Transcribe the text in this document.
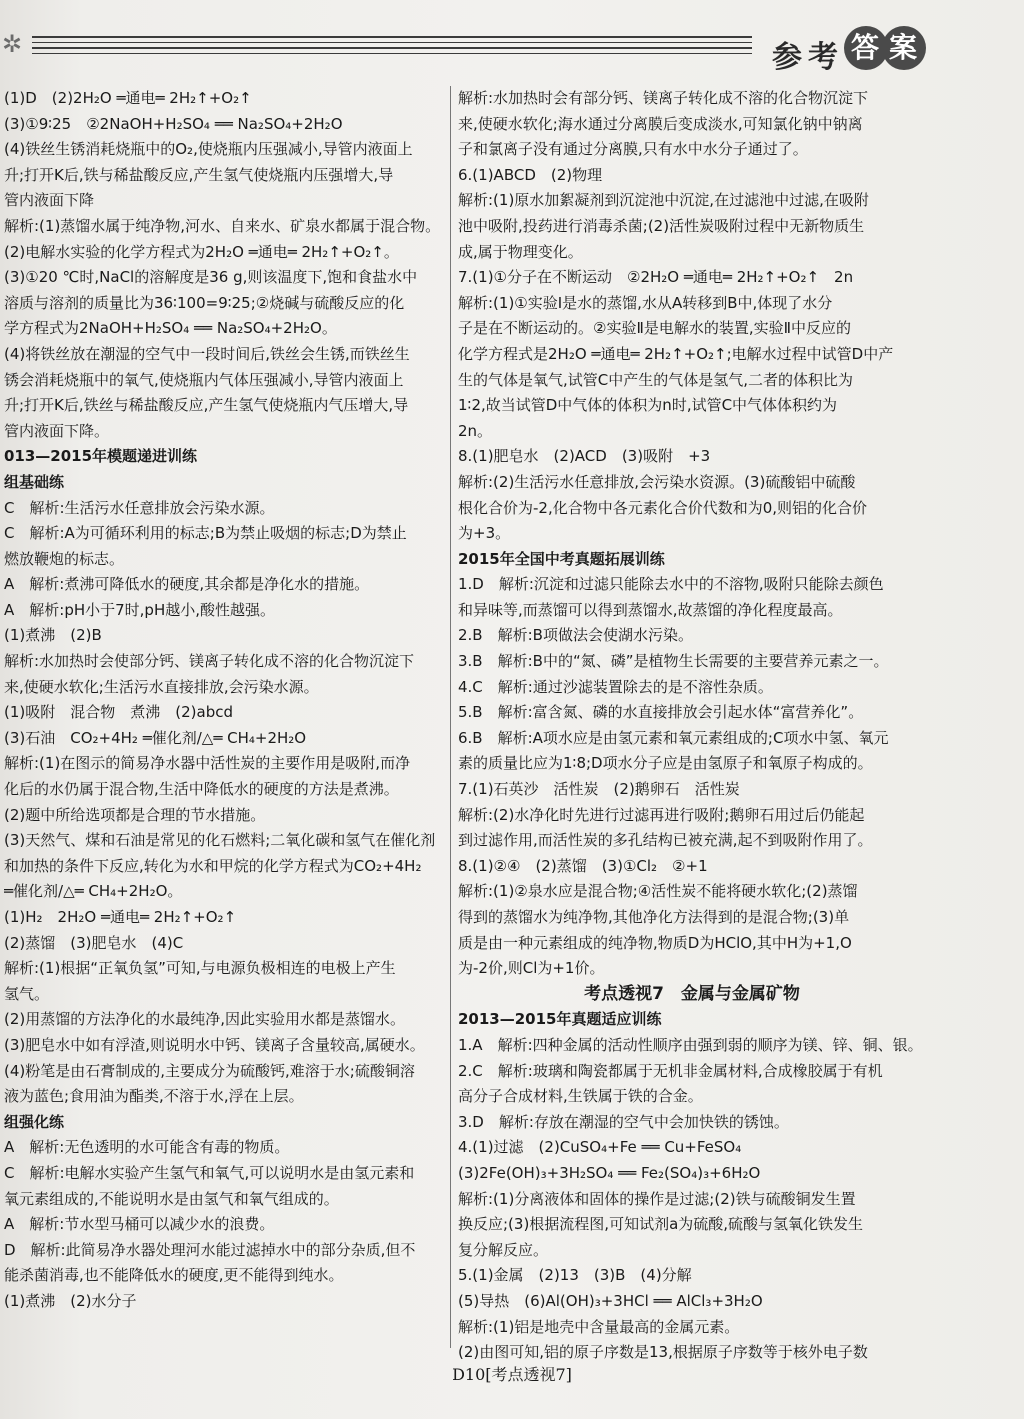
✲	参 考 答 案
(1)D　(2)2H₂O ═通电═ 2H₂↑+O₂↑
(3)①9∶25　②2NaOH+H₂SO₄ ══ Na₂SO₄+2H₂O
(4)铁丝生锈消耗烧瓶中的O₂,使烧瓶内压强减小,导管内液面上
升;打开K后,铁与稀盐酸反应,产生氢气使烧瓶内压强增大,导
管内液面下降
解析:(1)蒸馏水属于纯净物,河水、自来水、矿泉水都属于混合物。
(2)电解水实验的化学方程式为2H₂O ═通电═ 2H₂↑+O₂↑。
(3)①20 ℃时,NaCl的溶解度是36 g,则该温度下,饱和食盐水中
溶质与溶剂的质量比为36∶100=9∶25;②烧碱与硫酸反应的化
学方程式为2NaOH+H₂SO₄ ══ Na₂SO₄+2H₂O。
(4)将铁丝放在潮湿的空气中一段时间后,铁丝会生锈,而铁丝生
锈会消耗烧瓶中的氧气,使烧瓶内气体压强减小,导管内液面上
升;打开K后,铁丝与稀盐酸反应,产生氢气使烧瓶内气压增大,导
管内液面下降。
013—2015年模题递进训练
组基础练
C　解析:生活污水任意排放会污染水源。
C　解析:A为可循环利用的标志;B为禁止吸烟的标志;D为禁止
燃放鞭炮的标志。
A　解析:煮沸可降低水的硬度,其余都是净化水的措施。
A　解析:pH小于7时,pH越小,酸性越强。
(1)煮沸　(2)B
解析:水加热时会使部分钙、镁离子转化成不溶的化合物沉淀下
来,使硬水软化;生活污水直接排放,会污染水源。
(1)吸附　混合物　煮沸　(2)abcd
(3)石油　CO₂+4H₂ ═催化剂/△═ CH₄+2H₂O
解析:(1)在图示的简易净水器中活性炭的主要作用是吸附,而净
化后的水仍属于混合物,生活中降低水的硬度的方法是煮沸。
(2)题中所给选项都是合理的节水措施。
(3)天然气、煤和石油是常见的化石燃料;二氧化碳和氢气在催化剂
和加热的条件下反应,转化为水和甲烷的化学方程式为CO₂+4H₂
═催化剂/△═ CH₄+2H₂O。
(1)H₂　2H₂O ═通电═ 2H₂↑+O₂↑
(2)蒸馏　(3)肥皂水　(4)C
解析:(1)根据“正氧负氢”可知,与电源负极相连的电极上产生
氢气。
(2)用蒸馏的方法净化的水最纯净,因此实验用水都是蒸馏水。
(3)肥皂水中如有浮渣,则说明水中钙、镁离子含量较高,属硬水。
(4)粉笔是由石膏制成的,主要成分为硫酸钙,难溶于水;硫酸铜溶
液为蓝色;食用油为酯类,不溶于水,浮在上层。
组强化练
A　解析:无色透明的水可能含有毒的物质。
C　解析:电解水实验产生氢气和氧气,可以说明水是由氢元素和
氧元素组成的,不能说明水是由氢气和氧气组成的。
A　解析:节水型马桶可以减少水的浪费。
D　解析:此简易净水器处理河水能过滤掉水中的部分杂质,但不
能杀菌消毒,也不能降低水的硬度,更不能得到纯水。
(1)煮沸　(2)水分子
解析:水加热时会有部分钙、镁离子转化成不溶的化合物沉淀下
来,使硬水软化;海水通过分离膜后变成淡水,可知氯化钠中钠离
子和氯离子没有通过分离膜,只有水中水分子通过了。
6.(1)ABCD　(2)物理
解析:(1)原水加絮凝剂到沉淀池中沉淀,在过滤池中过滤,在吸附
池中吸附,投药进行消毒杀菌;(2)活性炭吸附过程中无新物质生
成,属于物理变化。
7.(1)①分子在不断运动　②2H₂O ═通电═ 2H₂↑+O₂↑　2n
解析:(1)①实验Ⅰ是水的蒸馏,水从A转移到B中,体现了水分
子是在不断运动的。②实验Ⅱ是电解水的装置,实验Ⅱ中反应的
化学方程式是2H₂O ═通电═ 2H₂↑+O₂↑;电解水过程中试管D中产
生的气体是氧气,试管C中产生的气体是氢气,二者的体积比为
1∶2,故当试管D中气体的体积为n时,试管C中气体体积约为
2n。
8.(1)肥皂水　(2)ACD　(3)吸附　+3
解析:(2)生活污水任意排放,会污染水资源。(3)硫酸铝中硫酸
根化合价为-2,化合物中各元素化合价代数和为0,则铝的化合价
为+3。
2015年全国中考真题拓展训练
1.D　解析:沉淀和过滤只能除去水中的不溶物,吸附只能除去颜色
和异味等,而蒸馏可以得到蒸馏水,故蒸馏的净化程度最高。
2.B　解析:B项做法会使湖水污染。
3.B　解析:B中的“氮、磷”是植物生长需要的主要营养元素之一。
4.C　解析:通过沙滤装置除去的是不溶性杂质。
5.B　解析:富含氮、磷的水直接排放会引起水体“富营养化”。
6.B　解析:A项水应是由氢元素和氧元素组成的;C项水中氢、氧元
素的质量比应为1∶8;D项水分子应是由氢原子和氧原子构成的。
7.(1)石英沙　活性炭　(2)鹅卵石　活性炭
解析:(2)水净化时先进行过滤再进行吸附;鹅卵石用过后仍能起
到过滤作用,而活性炭的多孔结构已被充满,起不到吸附作用了。
8.(1)②④　(2)蒸馏　(3)①Cl₂　②+1
解析:(1)②泉水应是混合物;④活性炭不能将硬水软化;(2)蒸馏
得到的蒸馏水为纯净物,其他净化方法得到的是混合物;(3)单
质是由一种元素组成的纯净物,物质D为HClO,其中H为+1,O
为-2价,则Cl为+1价。
考点透视7　金属与金属矿物
2013—2015年真题适应训练
1.A　解析:四种金属的活动性顺序由强到弱的顺序为镁、锌、铜、银。
2.C　解析:玻璃和陶瓷都属于无机非金属材料,合成橡胶属于有机
高分子合成材料,生铁属于铁的合金。
3.D　解析:存放在潮湿的空气中会加快铁的锈蚀。
4.(1)过滤　(2)CuSO₄+Fe ══ Cu+FeSO₄
(3)2Fe(OH)₃+3H₂SO₄ ══ Fe₂(SO₄)₃+6H₂O
解析:(1)分离液体和固体的操作是过滤;(2)铁与硫酸铜发生置
换反应;(3)根据流程图,可知试剂a为硫酸,硫酸与氢氧化铁发生
复分解反应。
5.(1)金属　(2)13　(3)B　(4)分解
(5)导热　(6)Al(OH)₃+3HCl ══ AlCl₃+3H₂O
解析:(1)铝是地壳中含量最高的金属元素。
(2)由图可知,铝的原子序数是13,根据原子序数等于核外电子数
D10[考点透视7]
